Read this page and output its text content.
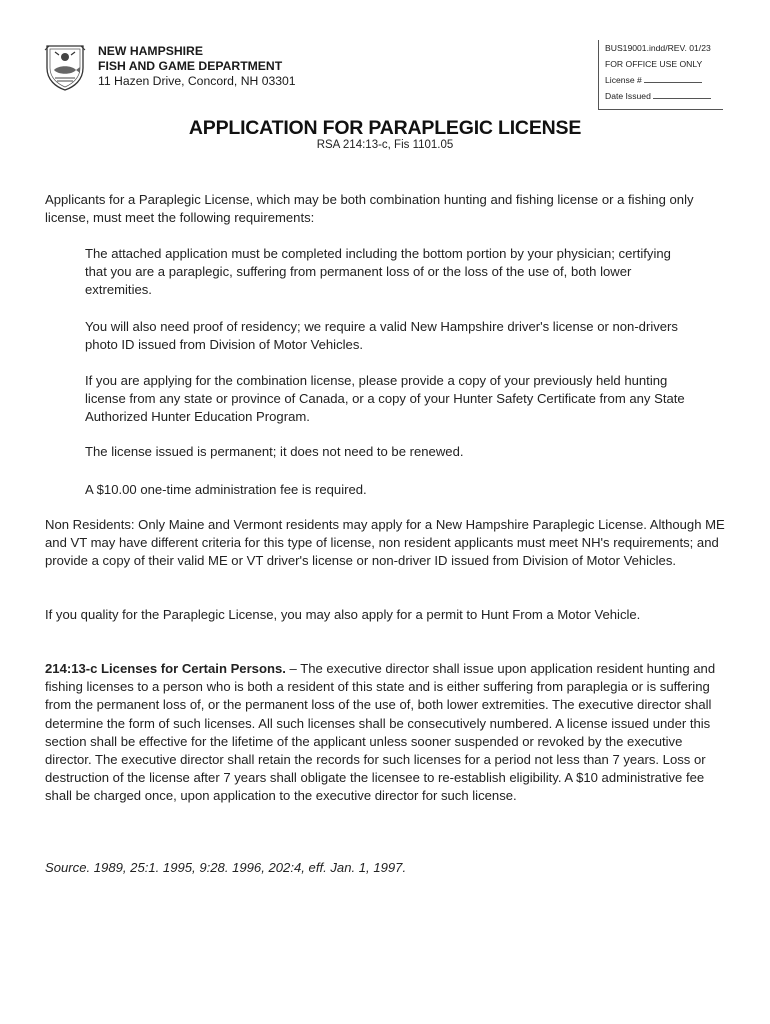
NEW HAMPSHIRE
FISH AND GAME DEPARTMENT
11 Hazen Drive, Concord, NH 03301
BUS19001.indd/REV. 01/23
FOR OFFICE USE ONLY
License #
Date Issued
APPLICATION FOR PARAPLEGIC LICENSE
RSA 214:13-c, Fis 1101.05
Applicants for a Paraplegic License, which may be both combination hunting and fishing license or a fishing only license, must meet the following requirements:
The attached application must be completed including the bottom portion by your physician; certifying that you are a paraplegic, suffering from permanent loss of or the loss of the use of, both lower extremities.
You will also need proof of residency; we require a valid New Hampshire driver's license or non-drivers photo ID issued from Division of Motor Vehicles.
If you are applying for the combination license, please provide a copy of your previously held hunting license from any state or province of Canada, or a copy of your Hunter Safety Certificate from any State Authorized Hunter Education Program.
The license issued is permanent; it does not need to be renewed.
A $10.00 one-time administration fee is required.
Non Residents: Only Maine and Vermont residents may apply for a New Hampshire Paraplegic License. Although ME and VT may have different criteria for this type of license, non resident applicants must meet NH's requirements; and provide a copy of their valid ME or VT driver's license or non-driver ID issued from Division of Motor Vehicles.
If you quality for the Paraplegic License, you may also apply for a permit to Hunt From a Motor Vehicle.
214:13-c Licenses for Certain Persons. – The executive director shall issue upon application resident hunting and fishing licenses to a person who is both a resident of this state and is either suffering from paraplegia or is suffering from the permanent loss of, or the permanent loss of the use of, both lower extremities. The executive director shall determine the form of such licenses. All such licenses shall be consecutively numbered. A license issued under this section shall be effective for the lifetime of the applicant unless sooner suspended or revoked by the executive director. The executive director shall retain the records for such licenses for a period not less than 7 years. Loss or destruction of the license after 7 years shall obligate the licensee to re-establish eligibility. A $10 administrative fee shall be charged once, upon application to the executive director for such license.
Source. 1989, 25:1. 1995, 9:28. 1996, 202:4, eff. Jan. 1, 1997.
